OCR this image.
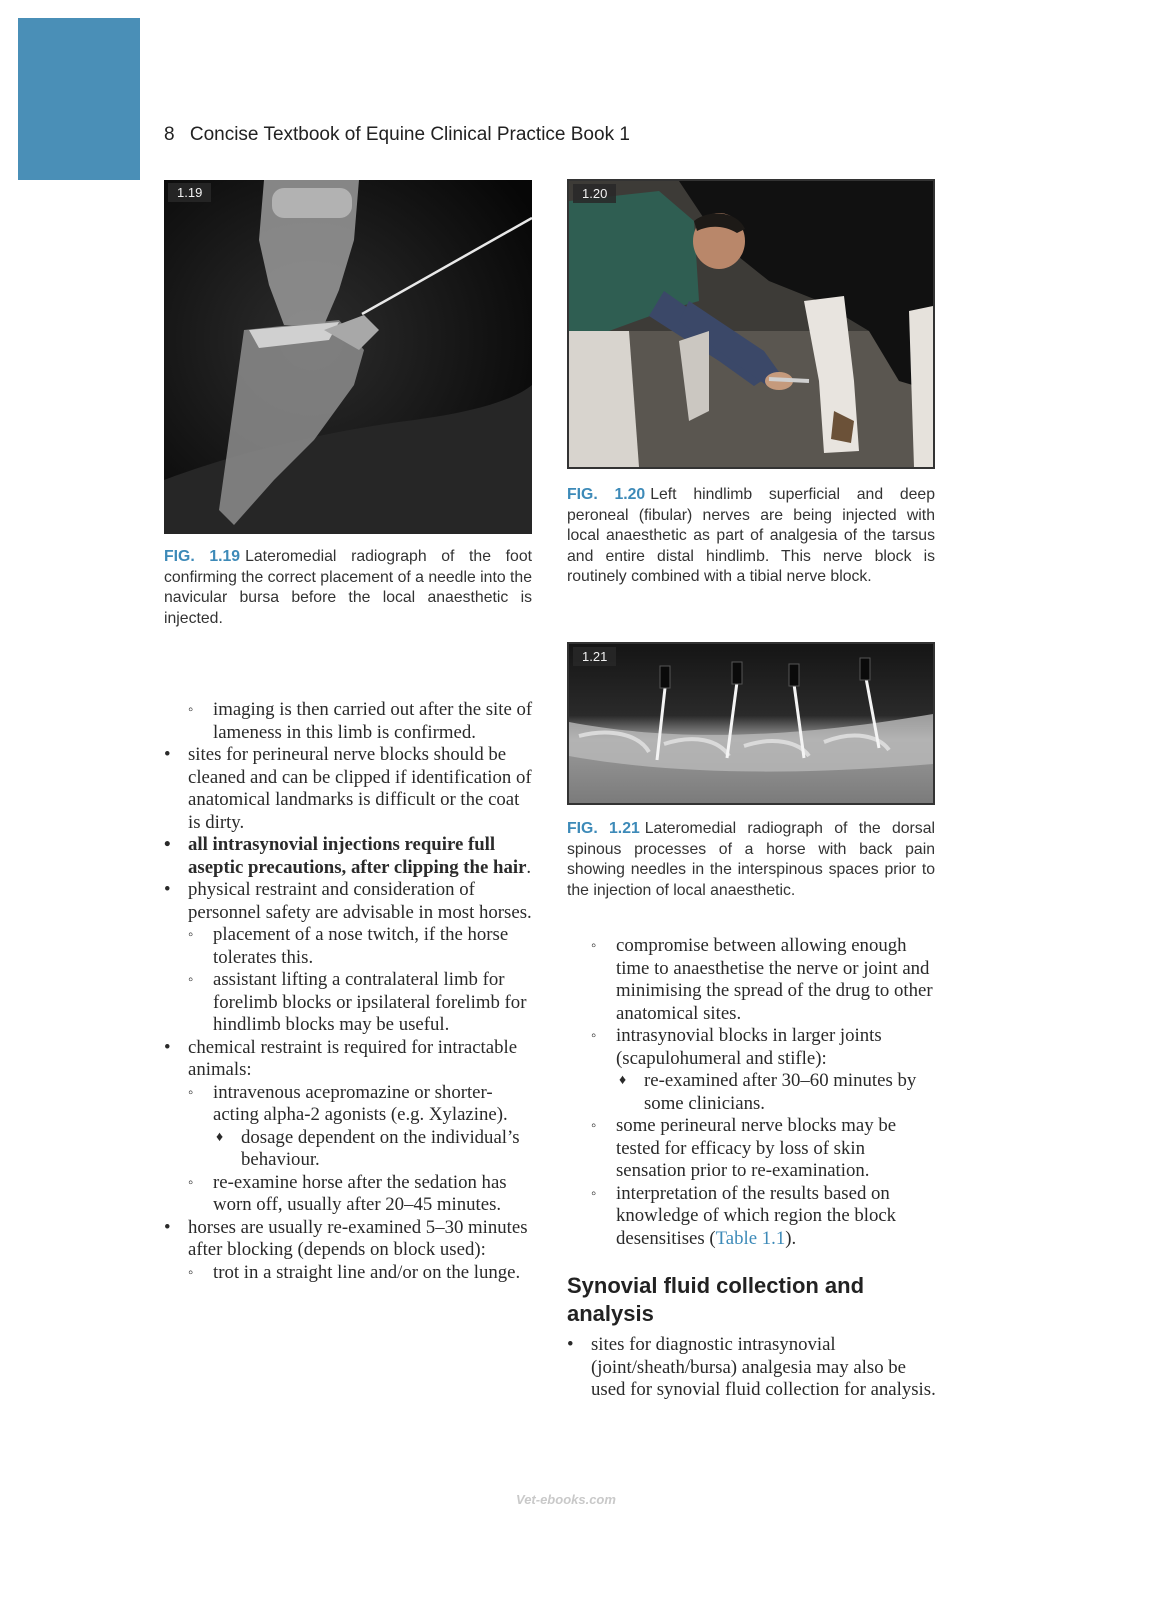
8 Concise Textbook of Equine Clinical Practice Book 1
1.19
FIG. 1.19 Lateromedial radiograph of the foot confirming the correct placement of a needle into the navicular bursa before the local anaesthetic is injected.
1.20
FIG. 1.20 Left hindlimb superficial and deep peroneal (fibular) nerves are being injected with local anaesthetic as part of analgesia of the tarsus and entire distal hindlimb. This nerve block is routinely combined with a tibial nerve block.
1.21
FIG. 1.21 Lateromedial radiograph of the dorsal spinous processes of a horse with back pain showing needles in the interspinous spaces prior to the injection of local anaesthetic.
◦ imaging is then carried out after the site of lameness in this limb is confirmed.
• sites for perineural nerve blocks should be cleaned and can be clipped if identification of anatomical landmarks is difficult or the coat is dirty.
• all intrasynovial injections require full aseptic precautions, after clipping the hair.
• physical restraint and consideration of personnel safety are advisable in most horses.
◦ placement of a nose twitch, if the horse tolerates this.
◦ assistant lifting a contralateral limb for forelimb blocks or ipsilateral forelimb for hindlimb blocks may be useful.
• chemical restraint is required for intractable animals:
◦ intravenous acepromazine or shorter-acting alpha-2 agonists (e.g. Xylazine).
♦ dosage dependent on the individual’s behaviour.
◦ re-examine horse after the sedation has worn off, usually after 20–45 minutes.
• horses are usually re-examined 5–30 minutes after blocking (depends on block used):
◦ trot in a straight line and/or on the lunge.
◦ compromise between allowing enough time to anaesthetise the nerve or joint and minimising the spread of the drug to other anatomical sites.
◦ intrasynovial blocks in larger joints (scapulohumeral and stifle):
♦ re-examined after 30–60 minutes by some clinicians.
◦ some perineural nerve blocks may be tested for efficacy by loss of skin sensation prior to re-examination.
◦ interpretation of the results based on knowledge of which region the block desensitises (Table 1.1).
Synovial fluid collection and analysis
• sites for diagnostic intrasynovial (joint/sheath/bursa) analgesia may also be used for synovial fluid collection for analysis.
Vet-ebooks.com
